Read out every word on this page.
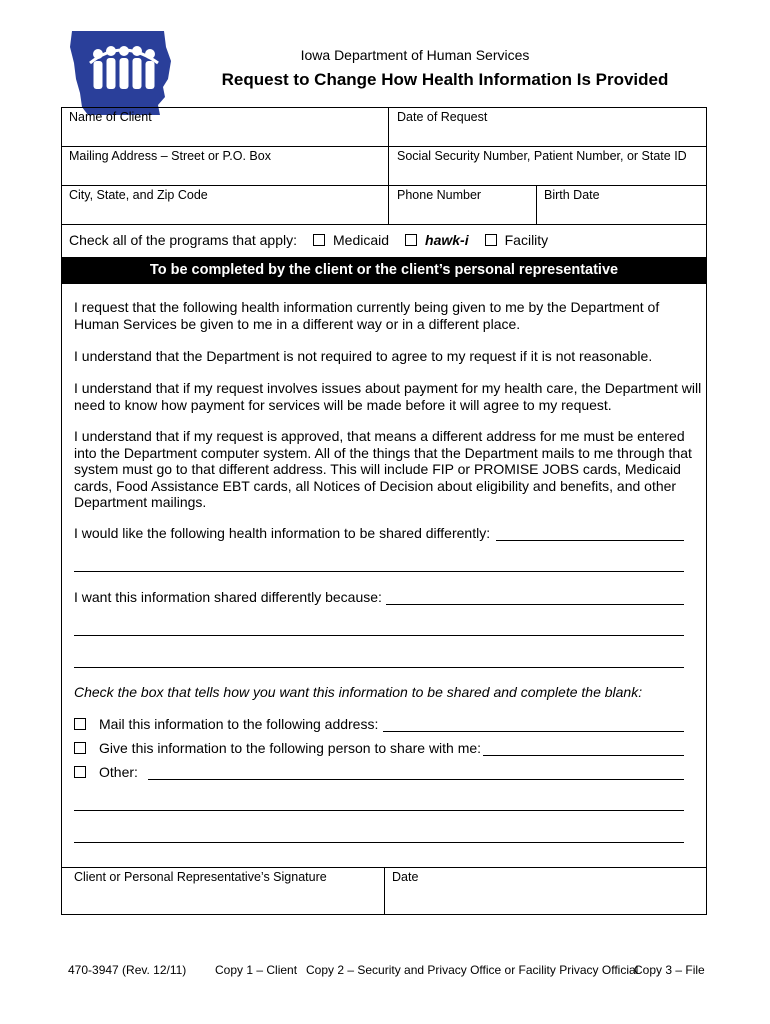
Iowa Department of Human Services
Request to Change How Health Information Is Provided
Name of Client	Date of Request
Mailing Address – Street or P.O. Box	Social Security Number, Patient Number, or State ID
City, State, and Zip Code	Phone Number	Birth Date
Check all of the programs that apply:	Medicaid	hawk-i	Facility
To be completed by the client or the client’s personal representative

I request that the following health information currently being given to me by the Department of Human Services be given to me in a different way or in a different place.

I understand that the Department is not required to agree to my request if it is not reasonable.

I understand that if my request involves issues about payment for my health care, the Department will need to know how payment for services will be made before it will agree to my request.

I understand that if my request is approved, that means a different address for me must be entered into the Department computer system. All of the things that the Department mails to me through that system must go to that different address. This will include FIP or PROMISE JOBS cards, Medicaid cards, Food Assistance EBT cards, all Notices of Decision about eligibility and benefits, and other Department mailings.

I would like the following health information to be shared differently:
I want this information shared differently because:
Check the box that tells how you want this information to be shared and complete the blank:
Mail this information to the following address:
Give this information to the following person to share with me:
Other:
Client or Personal Representative’s Signature	Date
470-3947 (Rev. 12/11) Copy 1 – Client Copy 2 – Security and Privacy Office or Facility Privacy Official
Copy 3 – File
